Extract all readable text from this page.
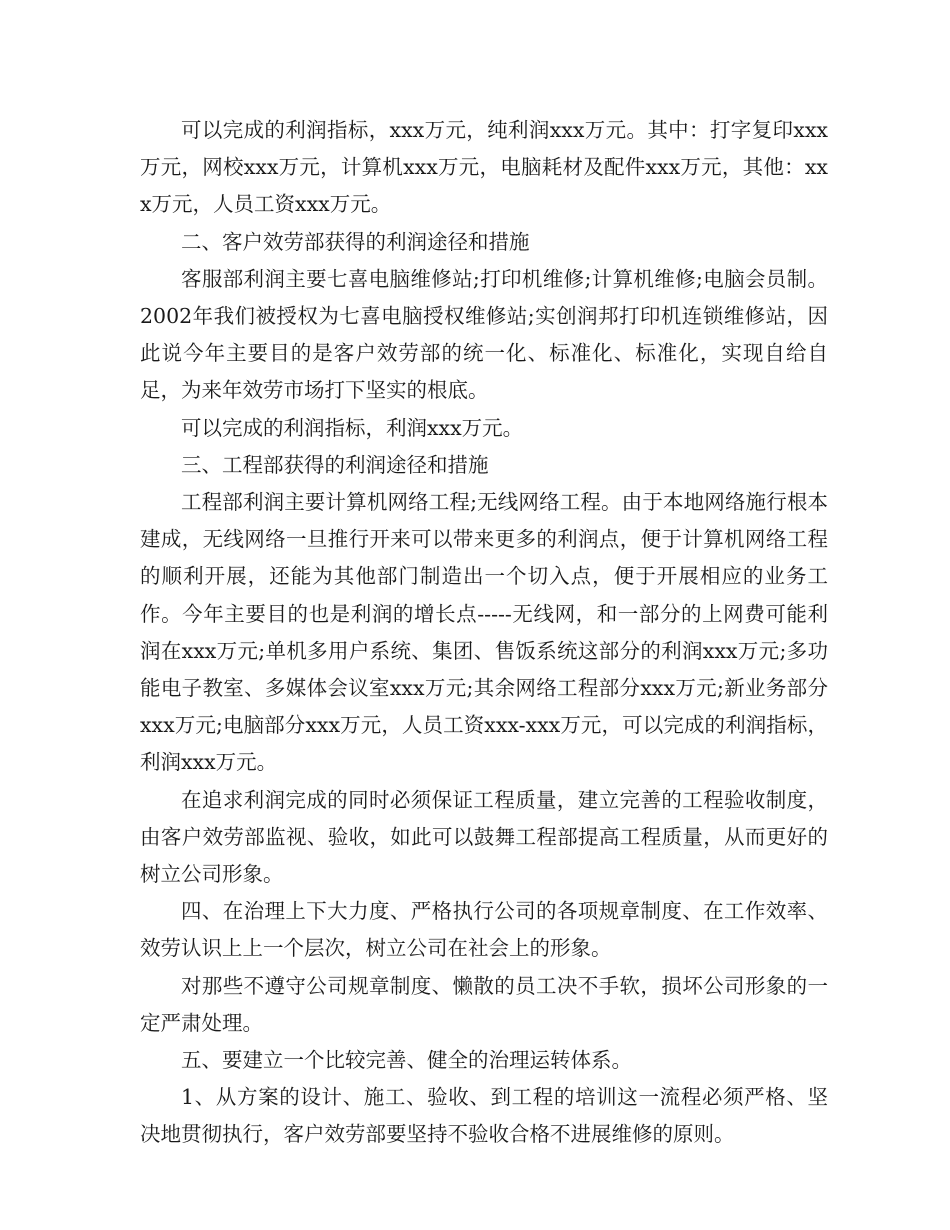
可以完成的利润指标，xxx万元，纯利润xxx万元。其中：打字复印xxx万元，网校xxx万元，计算机xxx万元，电脑耗材及配件xxx万元，其他：xxx万元，人员工资xxx万元。

二、客户效劳部获得的利润途径和措施

客服部利润主要七喜电脑维修站;打印机维修;计算机维修;电脑会员制。2002年我们被授权为七喜电脑授权维修站;实创润邦打印机连锁维修站，因此说今年主要目的是客户效劳部的统一化、标准化、标准化，实现自给自足，为来年效劳市场打下坚实的根底。

可以完成的利润指标，利润xxx万元。

三、工程部获得的利润途径和措施

工程部利润主要计算机网络工程;无线网络工程。由于本地网络施行根本建成，无线网络一旦推行开来可以带来更多的利润点，便于计算机网络工程的顺利开展，还能为其他部门制造出一个切入点，便于开展相应的业务工作。今年主要目的也是利润的增长点-----无线网，和一部分的上网费可能利润在xxx万元;单机多用户系统、集团、售饭系统这部分的利润xxx万元;多功能电子教室、多媒体会议室xxx万元;其余网络工程部分xxx万元;新业务部分xxx万元;电脑部分xxx万元，人员工资xxx-xxx万元，可以完成的利润指标，利润xxx万元。

在追求利润完成的同时必须保证工程质量，建立完善的工程验收制度，由客户效劳部监视、验收，如此可以鼓舞工程部提高工程质量，从而更好的树立公司形象。

四、在治理上下大力度、严格执行公司的各项规章制度、在工作效率、效劳认识上上一个层次，树立公司在社会上的形象。

对那些不遵守公司规章制度、懒散的员工决不手软，损坏公司形象的一定严肃处理。

五、要建立一个比较完善、健全的治理运转体系。

1、从方案的设计、施工、验收、到工程的培训这一流程必须严格、坚决地贯彻执行，客户效劳部要坚持不验收合格不进展维修的原则。
